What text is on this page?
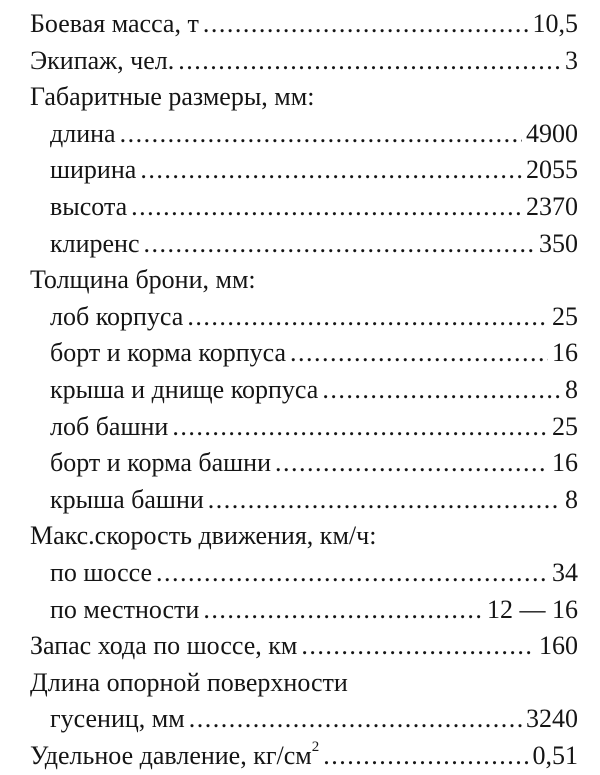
Боевая масса, т .....	10,5
Экипаж, чел. .....	3
Габаритные размеры, мм:
длина .....	4900
ширина .....	2055
высота .....	2370
клиренс .....	350
Толщина брони, мм:
лоб корпуса .....	25
борт и корма корпуса .....	16
крыша и днище корпуса .....	8
лоб башни .....	25
борт и корма башни .....	16
крыша башни .....	8
Макс.скорость движения, км/ч:
по шоссе .....	34
по местности .....	12 — 16
Запас хода по шоссе, км .....	160
Длина опорной поверхности
гусениц, мм .....	3240
Удельное давление, $кг/см^2$ .....	0,51
